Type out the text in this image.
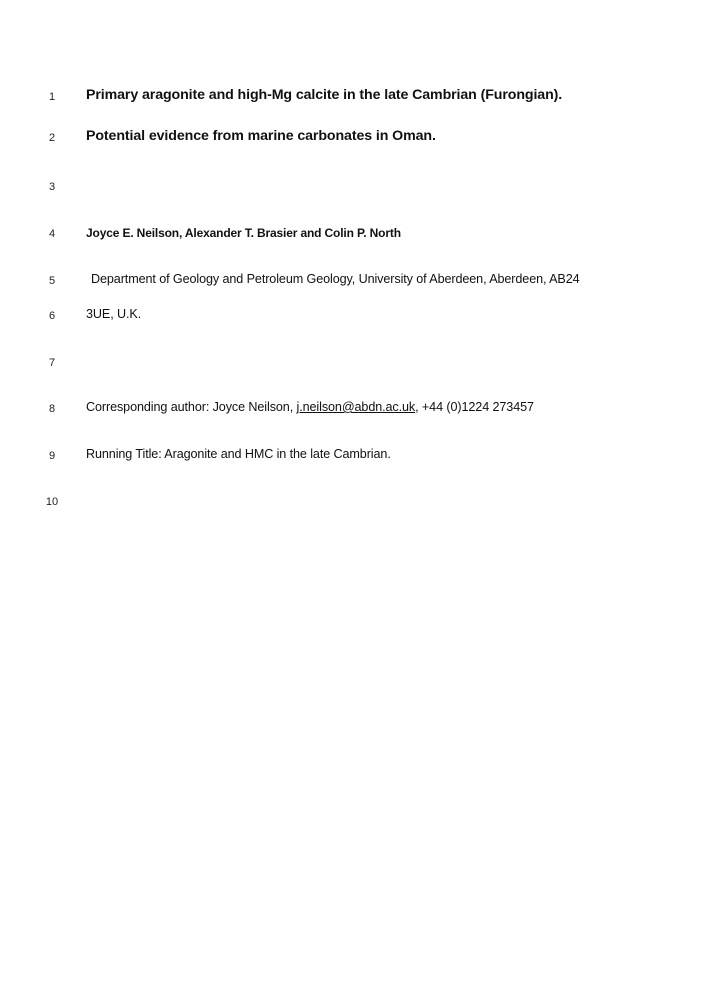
1	Primary aragonite and high-Mg calcite in the late Cambrian (Furongian).
2	Potential evidence from marine carbonates in Oman.
3
4	Joyce E. Neilson, Alexander T. Brasier and Colin P. North
5	Department of Geology and Petroleum Geology, University of Aberdeen, Aberdeen, AB24
6	3UE, U.K.
7
8	Corresponding author: Joyce Neilson, j.neilson@abdn.ac.uk, +44 (0)1224 273457
9	Running Title: Aragonite and HMC in the late Cambrian.
10
